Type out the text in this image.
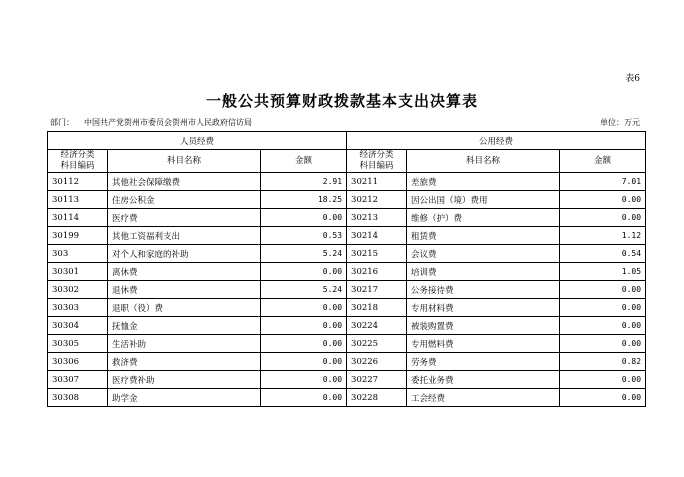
表6
一般公共预算财政拨款基本支出决算表
部门： 中国共产党贺州市委员会贺州市人民政府信访局	单位：万元
人员经费			公用经费		
经济分类
科目编码	科目名称	金额	经济分类
科目编码	科目名称	金额
30112	其他社会保障缴费	2.91	30211	差旅费	7.01
30113	住房公积金	18.25	30212	因公出国（境）费用	0.00
30114	医疗费	0.00	30213	维修（护）费	0.00
30199	其他工资福利支出	0.53	30214	租赁费	1.12
303	对个人和家庭的补助	5.24	30215	会议费	0.54
30301	离休费	0.00	30216	培训费	1.05
30302	退休费	5.24	30217	公务接待费	0.00
30303	退职（役）费	0.00	30218	专用材料费	0.00
30304	抚恤金	0.00	30224	被装购置费	0.00
30305	生活补助	0.00	30225	专用燃料费	0.00
30306	救济费	0.00	30226	劳务费	0.82
30307	医疗费补助	0.00	30227	委托业务费	0.00
30308	助学金	0.00	30228	工会经费	0.00
